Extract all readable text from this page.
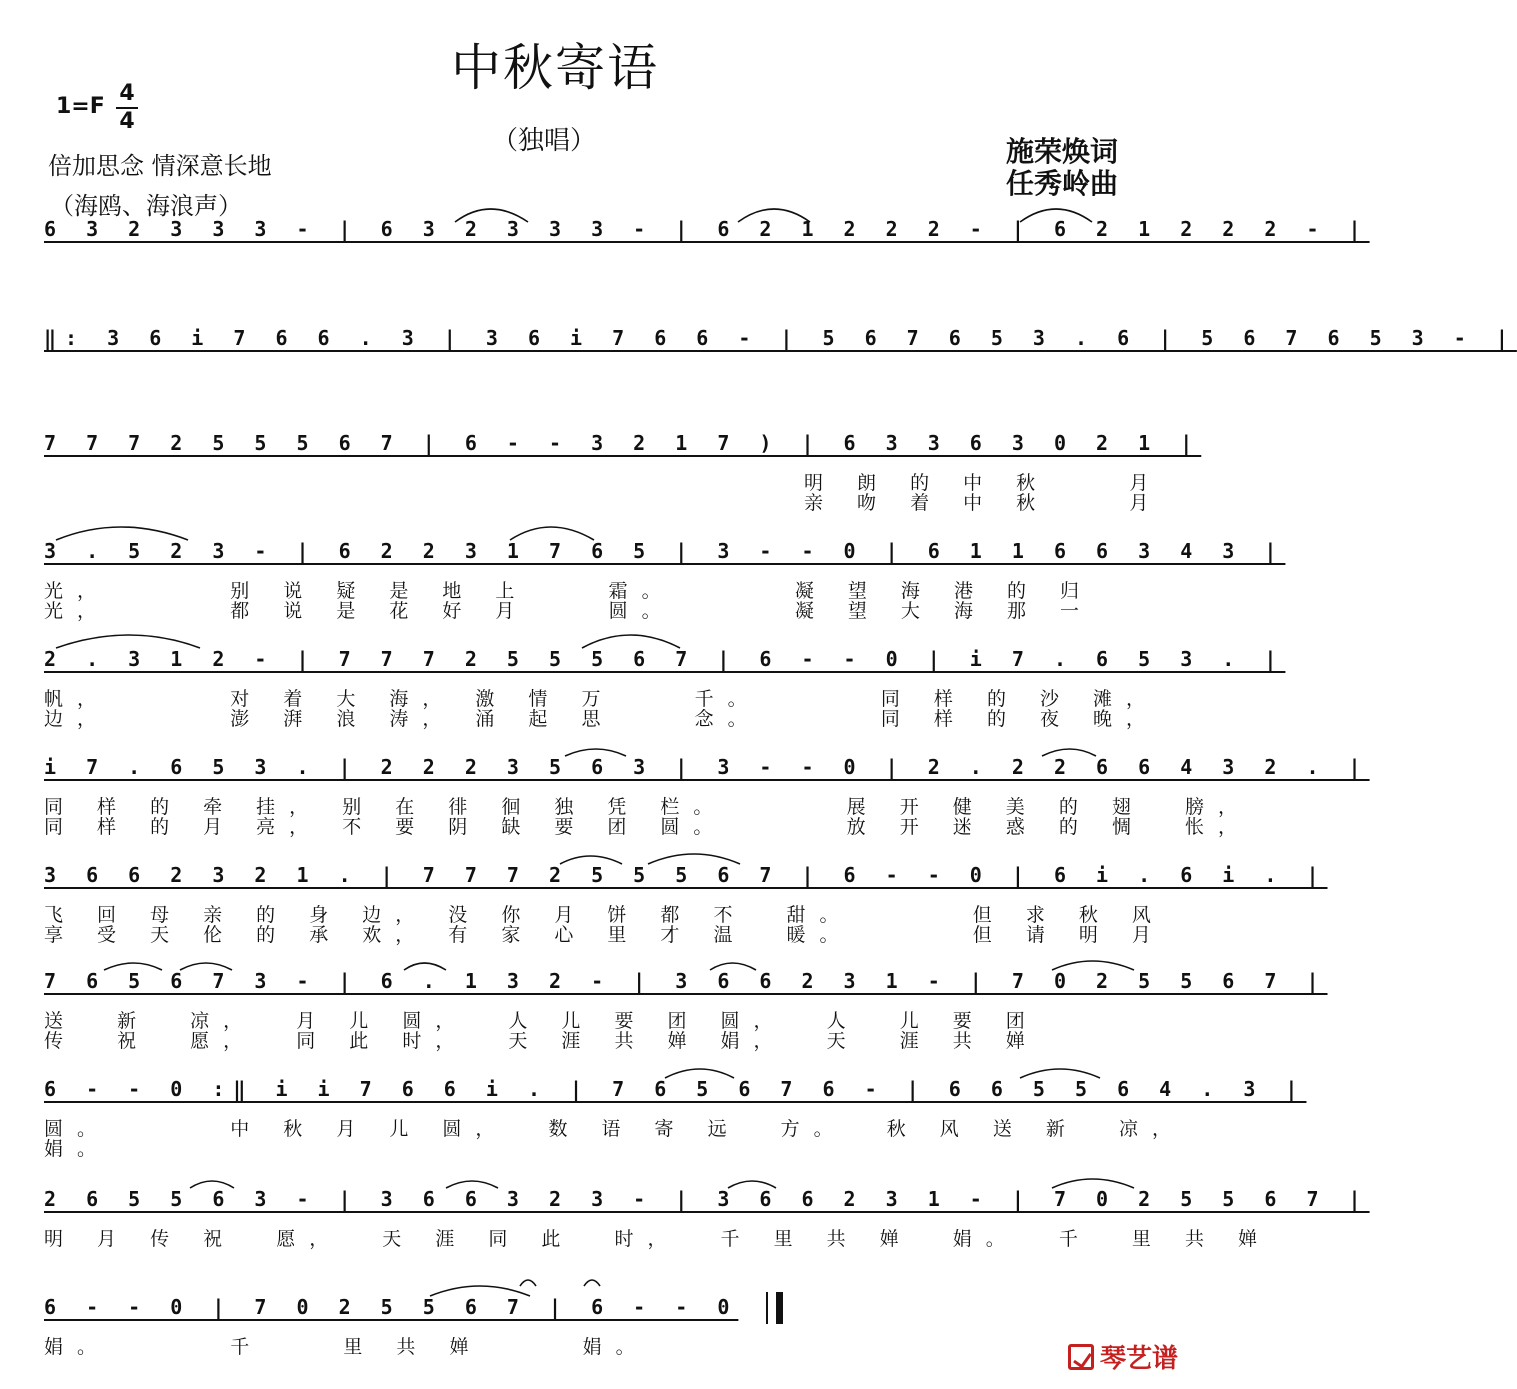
中秋寄语
1=F
4
4
（独唱）
倍加思念 情深意长地
（海鸥、海浪声）
施荣焕词
任秀岭曲
6 3 2 3 3 3 - | 6 3 2 3 3 3 - | 6 2 1 2 2 2 - | 6 2 1 2 2 2 - |
‖: 3 6 i 7 6 6 . 3 | 3 6 i 7 6 6 - | 5 6 7 6 5 3 . 6 | 5 6 7 6 5 3 - |
7 7 7 2 5 5 5 6 7 | 6 - - 3 2 1 7 ) | 6 3 3 6 3 0 2 1 |
明 朗 的 中 秋    月
亲 吻 着 中 秋    月
3 . 5 2 3 - | 6 2 2 3 1 7 6 5 | 3 - - 0 | 6 1 1 6 6 3 4 3 |
光，      别 说 疑 是 地 上    霜。      凝 望 海 港 的 归
光，      都 说 是 花 好 月    圆。      凝 望 大 海 那 一
2 . 3 1 2 - | 7 7 7 2 5 5 5 6 7 | 6 - - 0 | i 7 . 6 5 3 . |
帆，      对 着 大 海， 激 情 万    千。      同 样 的 沙 滩，
边，      澎 湃 浪 涛， 涌 起 思    念。      同 样 的 夜 晚，
i 7 . 6 5 3 . | 2 2 2 3 5 6 3 | 3 - - 0 | 2 . 2 2 6 6 4 3 2 . |
同 样 的 牵 挂， 别 在 徘 徊 独 凭 栏。      展 开 健 美 的 翅  膀，
同 样 的 月 亮， 不 要 阴 缺 要 团 圆。      放 开 迷 惑 的 惆  怅，
3 6 6 2 3 2 1 . | 7 7 7 2 5 5 5 6 7 | 6 - - 0 | 6 i . 6 i . |
飞 回 母 亲 的 身 边， 没 你 月 饼 都 不  甜。      但 求 秋 风
享 受 天 伦 的 承 欢， 有 家 心 里 才 温  暖。      但 请 明 月
7 6 5 6 7 3 - | 6 . 1 3 2 - | 3 6 6 2 3 1 - | 7 0 2 5 5 6 7 |
送  新  凉，  月 儿 圆，  人 儿 要 团 圆，  人  儿 要 团
传  祝  愿，  同 此 时，  天 涯 共 婵 娟，  天  涯 共 婵
6 - - 0 :‖ i i 7 6 6 i . | 7 6 5 6 7 6 - | 6 6 5 5 6 4 . 3 |
圆。      中 秋 月 儿 圆，  数 语 寄 远  方。  秋 风 送 新  凉，
娟。
2 6 5 5 6 3 - | 3 6 6 3 2 3 - | 3 6 6 2 3 1 - | 7 0 2 5 5 6 7 |
明 月 传 祝  愿，  天 涯 同 此  时，  千 里 共 婵  娟。  千  里 共 婵
6 - - 0 | 7 0 2 5 5 6 7 | 6 - - 0
娟。      千    里 共 婵     娟。	琴艺谱
